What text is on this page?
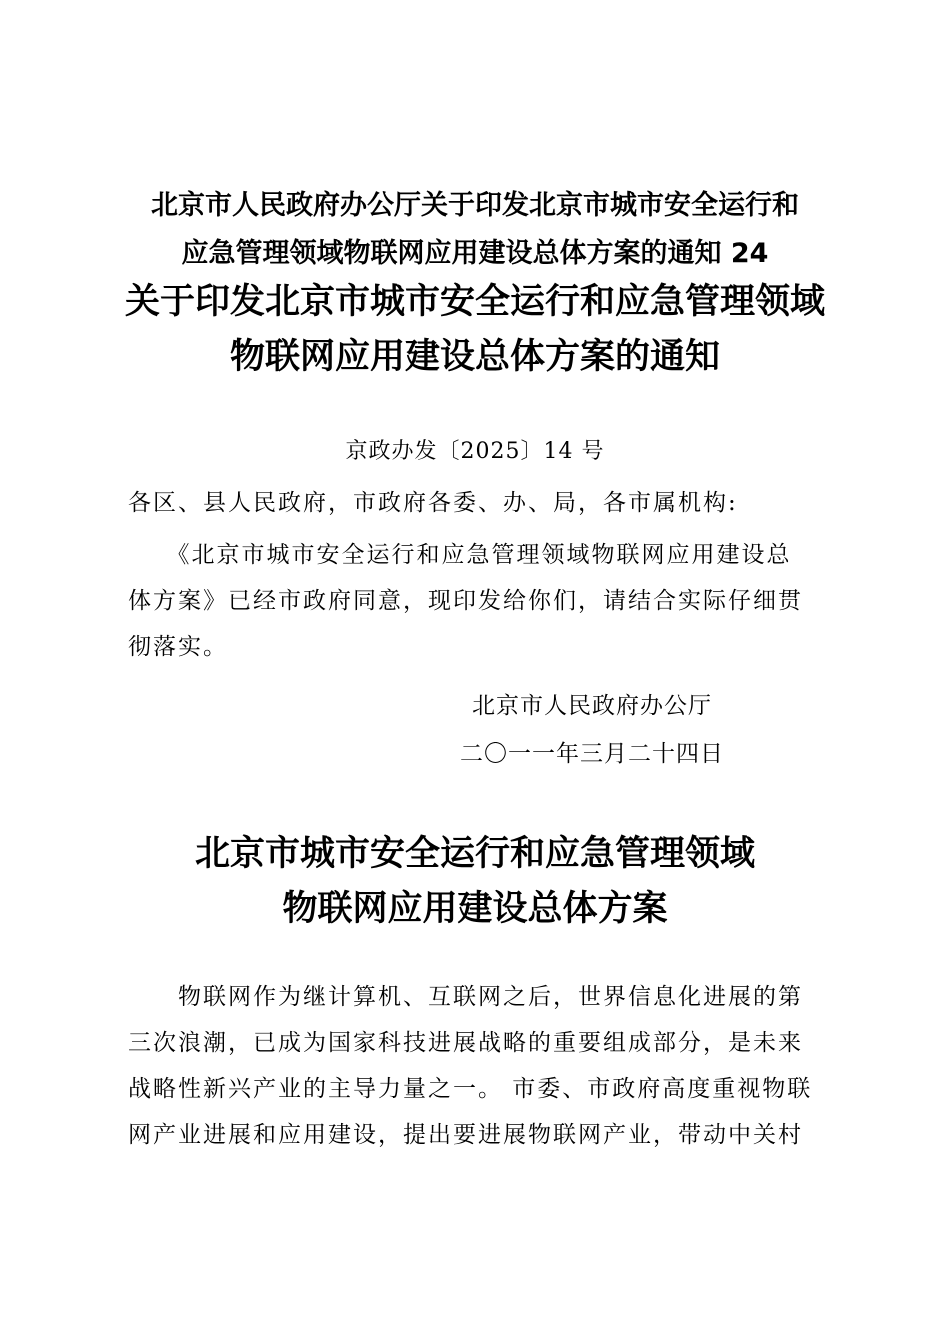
北京市人民政府办公厅关于印发北京市城市安全运行和
应急管理领域物联网应用建设总体方案的通知 24
关于印发北京市城市安全运行和应急管理领域
物联网应用建设总体方案的通知
京政办发〔2025〕14 号
各区、县人民政府，市政府各委、办、局，各市属机构:
　　《北京市城市安全运行和应急管理领域物联网应用建设总
体方案》已经市政府同意，现印发给你们，请结合实际仔细贯
彻落实。
北京市人民政府办公厅
二〇一一年三月二十四日
北京市城市安全运行和应急管理领域
物联网应用建设总体方案
　　物联网作为继计算机、互联网之后，世界信息化进展的第
三次浪潮，已成为国家科技进展战略的重要组成部分，是未来
战略性新兴产业的主导力量之一。 市委、市政府高度重视物联
网产业进展和应用建设，提出要进展物联网产业，带动中关村
